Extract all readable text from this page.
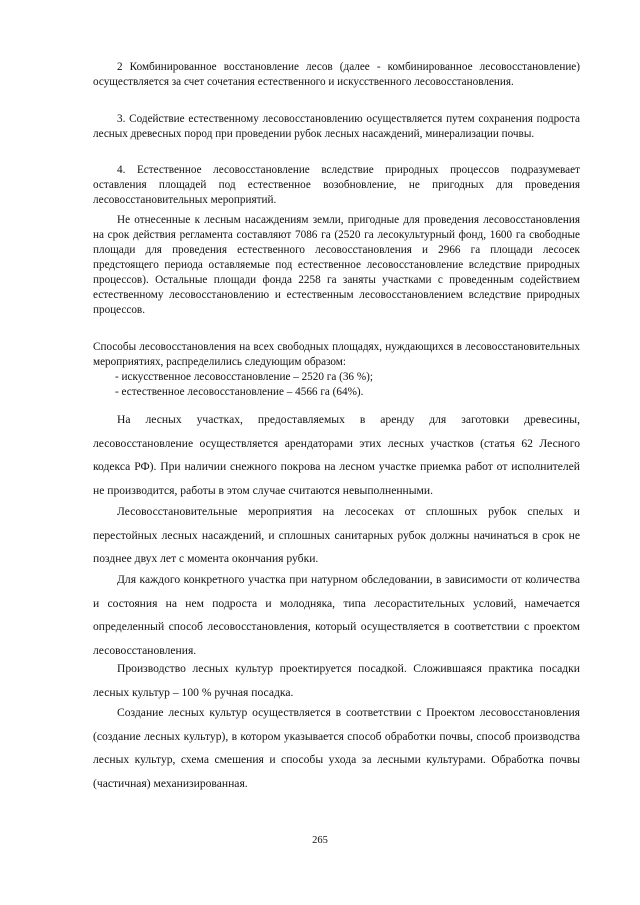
2 Комбинированное восстановление лесов (далее - комбинированное лесовосстановление) осуществляется за счет сочетания естественного и искусственного лесовосстановления.

3. Содействие естественному лесовосстановлению осуществляется путем сохранения подроста лесных древесных пород при проведении рубок лесных насаждений, минерализации почвы.

4. Естественное лесовосстановление вследствие природных процессов подразумевает оставления площадей под естественное возобновление, не пригодных для проведения лесовосстановительных мероприятий.

Не отнесенные к лесным насаждениям земли, пригодные для проведения лесовосстановления на срок действия регламента составляют 7086 га (2520 га лесокультурный фонд, 1600 га свободные площади для проведения естественного лесовосстановления и 2966 га площади лесосек предстоящего периода оставляемые под естественное лесовосстановление вследствие природных процессов). Остальные площади фонда 2258 га заняты участками с проведенным содействием естественному лесовосстановлению и естественным лесовосстановлением вследствие природных процессов.

Способы лесовосстановления на всех свободных площадях, нуждающихся в лесовосстановительных мероприятиях, распределились следующим образом:

- искусственное лесовосстановление – 2520 га (36 %);
- естественное лесовосстановление – 4566 га (64%).

На лесных участках, предоставляемых в аренду для заготовки древесины, лесовосстановление осуществляется арендаторами этих лесных участков (статья 62 Лесного кодекса РФ). При наличии снежного покрова на лесном участке приемка работ от исполнителей не производится, работы в этом случае считаются невыполненными.

Лесовосстановительные мероприятия на лесосеках от сплошных рубок спелых и перестойных лесных насаждений, и сплошных санитарных рубок должны начинаться в срок не позднее двух лет с момента окончания рубки.

Для каждого конкретного участка при натурном обследовании, в зависимости от количества и состояния на нем подроста и молодняка, типа лесорастительных условий, намечается определенный способ лесовосстановления, который осуществляется в соответствии с проектом лесовосстановления.

Производство лесных культур проектируется посадкой. Сложившаяся практика посадки лесных культур – 100 % ручная посадка.

Создание лесных культур осуществляется в соответствии с Проектом лесовосстановления (создание лесных культур), в котором указывается способ обработки почвы, способ производства лесных культур, схема смешения и способы ухода за лесными культурами. Обработка почвы (частичная) механизированная.

265
